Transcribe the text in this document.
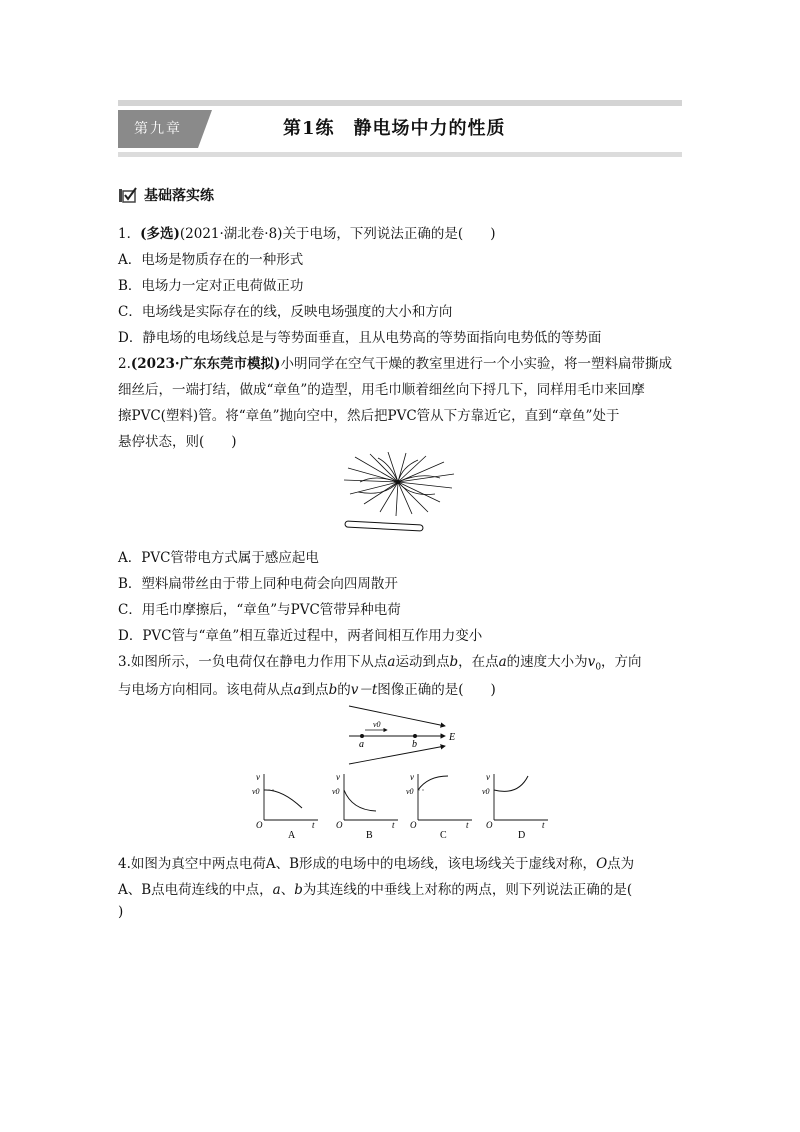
第九章	第1练　静电场中力的性质
基础落实练
1．(多选)(2021·湖北卷·8)关于电场，下列说法正确的是(　　)
A．电场是物质存在的一种形式
B．电场力一定对正电荷做正功
C．电场线是实际存在的线，反映电场强度的大小和方向
D．静电场的电场线总是与等势面垂直，且从电势高的等势面指向电势低的等势面
2.(2023·广东东莞市模拟)小明同学在空气干燥的教室里进行一个小实验，将一塑料扁带撕成
细丝后，一端打结，做成“章鱼”的造型，用毛巾顺着细丝向下捋几下，同样用毛巾来回摩
擦PVC(塑料)管。将“章鱼”抛向空中，然后把PVC管从下方靠近它，直到“章鱼”处于
悬停状态，则(　　)
A．PVC管带电方式属于感应起电
B．塑料扁带丝由于带上同种电荷会向四周散开
C．用毛巾摩擦后，“章鱼”与PVC管带异种电荷
D．PVC管与“章鱼”相互靠近过程中，两者间相互作用力变小
3.如图所示，一负电荷仅在静电力作用下从点a运动到点b，在点a的速度大小为$v_0$，方向
与电场方向相同。该电荷从点a到点b的v－t图像正确的是(　　)
v0
a	b
E
v
v0
O	t
A
v
v0
O	t
B
v
v0
O	t
C
v
v0
O	t
D
4.如图为真空中两点电荷A、B形成的电场中的电场线，该电场线关于虚线对称，O点为
A、B点电荷连线的中点，a、b为其连线的中垂线上对称的两点，则下列说法正确的是(
)
